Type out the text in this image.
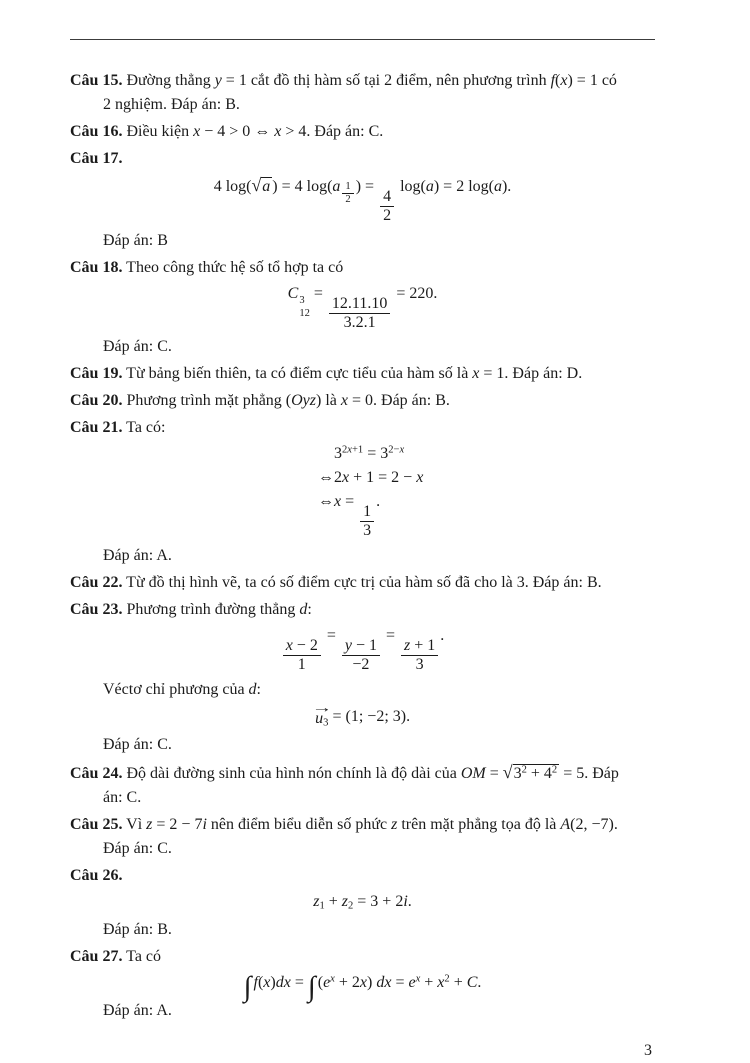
Câu 15. Đường thẳng y = 1 cắt đồ thị hàm số tại 2 điểm, nên phương trình f(x) = 1 có
2 nghiệm. Đáp án: B.

Câu 16. Điều kiện x − 4 > 0 ⇔ x > 4. Đáp án: C.

Câu 17.

4 log(√a ) = 4 log(a $^{\frac{1}{2}}$ ) =
$\frac{4}{2}$
log(a) = 2 log(a).

Đáp án: B

Câu 18. Theo công thức hệ số tổ hợp ta có

C 3
12
=
$\frac{12.11.10}{3.2.1}$
= 220.

Đáp án: C.

Câu 19. Từ bảng biến thiên, ta có điểm cực tiểu của hàm số là x = 1. Đáp án: D.

Câu 20. Phương trình mặt phẳng (Oyz) là x = 0. Đáp án: B.

Câu 21. Ta có:

$3^{2x+1} = 3^{2-x}$
⇔2x + 1 = 2 − x
⇔x =
$\frac{1}{3}$
.

Đáp án: A.

Câu 22. Từ đồ thị hình vẽ, ta có số điểm cực trị của hàm số đã cho là 3. Đáp án: B.

Câu 23. Phương trình đường thẳng d:

$\frac{x - 2}{1}$
=
$\frac{y - 1}{-2}$
=
$\frac{z + 1}{3}$
.

Véctơ chỉ phương của d:

→
u3 = (1; −2; 3).

Đáp án: C.

Câu 24. Độ dài đường sinh của hình nón chính là độ dài của OM = $√3^2 + 4^2 = 5$. Đáp
án: C.

Câu 25. Vì z = 2 − 7i nên điểm biểu diễn số phức z trên mặt phẳng tọa độ là A(2, −7).
Đáp án: C.

Câu 26.

z1 + z2 = 3 + 2i.

Đáp án: B.

Câu 27. Ta có

∫ f(x)dx = ∫ $(e^x + 2x)$ dx = $e^x + x^2 + C$.

Đáp án: A.

3
